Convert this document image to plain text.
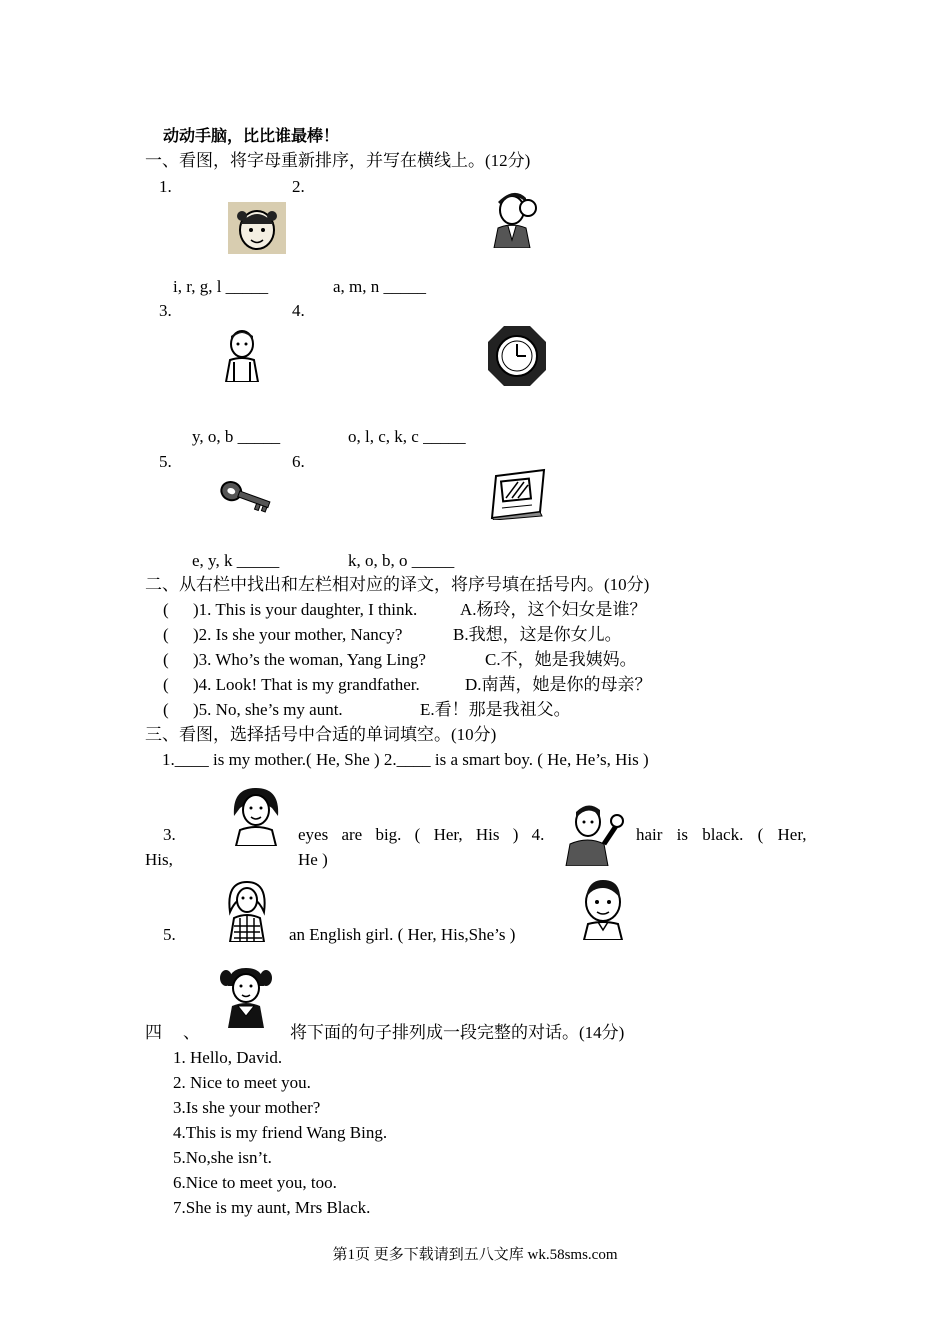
动动手脑，比比谁最棒！
一、看图，将字母重新排序，并写在横线上。(12分)
1.	2.
i, r, g, l _____	a, m, n _____
3.	4.
y, o, b _____	o, l, c, k, c _____
5.	6.
e, y, k _____	k, o, b, o _____
二、从右栏中找出和左栏相对应的译文，将序号填在括号内。(10分)
( )1. This is your daughter, I think.	A.杨玲，这个妇女是谁？
( )2. Is she your mother, Nancy?	B.我想，这是你女儿。
( )3. Who’s the woman, Yang Ling?	C.不，她是我姨妈。
( )4. Look! That is my grandfather.	D.南茜，她是你的母亲？
( )5. No, she’s my aunt.	E.看！那是我祖父。
三、看图，选择括号中合适的单词填空。(10分)
1.____ is my mother.( He, She ) 2.____ is a smart boy. ( He, He’s, His )
3.	eyes are big. ( Her, His ) 4.
His,	He )
hair is black. ( Her,
5.	an English girl. ( Her, His,She’s )
四 、	将下面的句子排列成一段完整的对话。(14分)
1. Hello, David.
2. Nice to meet you.
3.Is she your mother?
4.This is my friend Wang Bing.
5.No,she isn’t.
6.Nice to meet you, too.
7.She is my aunt, Mrs Black.
第1页 更多下载请到五八文库 wk.58sms.com
